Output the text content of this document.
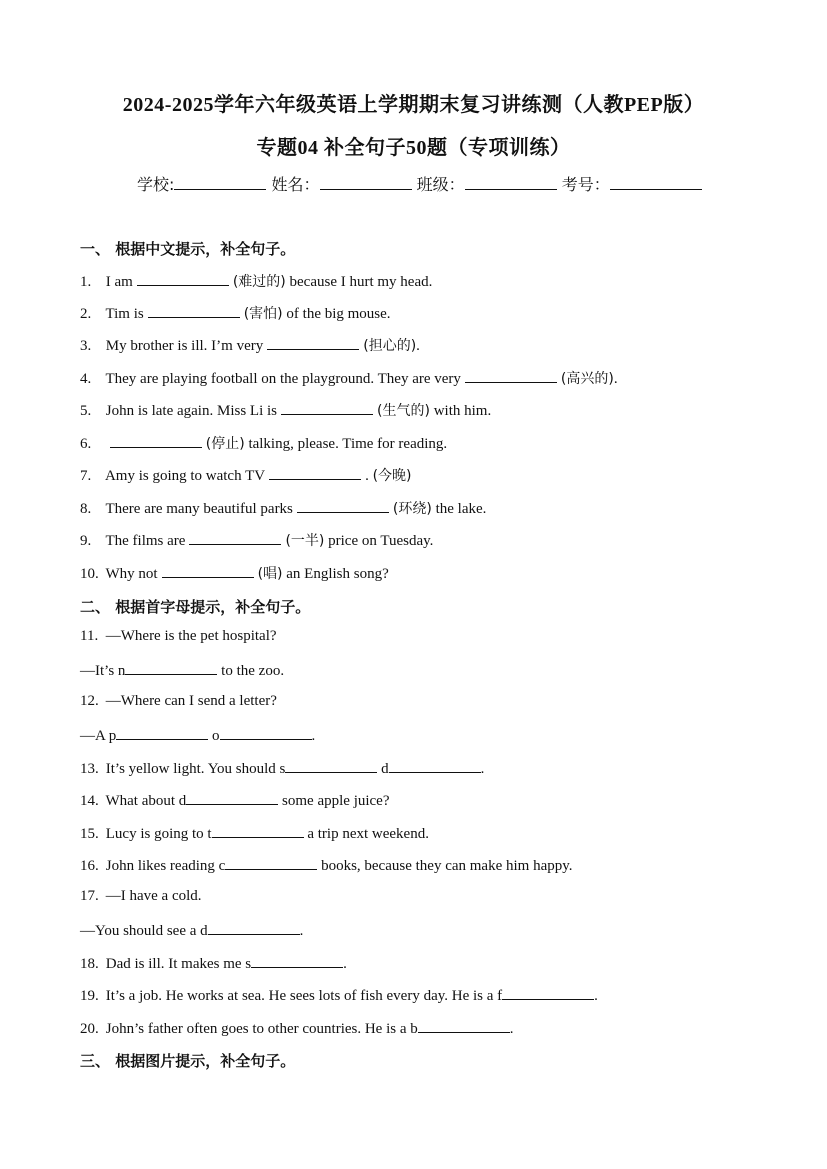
2024-2025学年六年级英语上学期期末复习讲练测（人教PEP版）
专题04 补全句子50题（专项训练）
学校:	姓名：	班级：	考号：
一、 根据中文提示，补全句子。
1. I am	(难过的) because I hurt my head.
2. Tim is	(害怕) of the big mouse.
3. My brother is ill. I’m very	(担心的).
4. They are playing football on the playground. They are very	(高兴的).
5. John is late again. Miss Li is	(生气的) with him.
6.	(停止) talking, please. Time for reading.
7. Amy is going to watch TV	. (今晚)
8. There are many beautiful parks	(环绕) the lake.
9. The films are	(一半) price on Tuesday.
10. Why not	(唱) an English song?
二、 根据首字母提示，补全句子。
11. —Where is the pet hospital?
—It’s n	to the zoo.
12. —Where can I send a letter?
—A p	o	.
13. It’s yellow light. You should s	d	.
14. What about d	some apple juice?
15. Lucy is going to t	a trip next weekend.
16. John likes reading c	books, because they can make him happy.
17. —I have a cold.
—You should see a d	.
18. Dad is ill. It makes me s	.
19. It’s a job. He works at sea. He sees lots of fish every day. He is a f	.
20. John’s father often goes to other countries. He is a b	.
三、 根据图片提示，补全句子。
